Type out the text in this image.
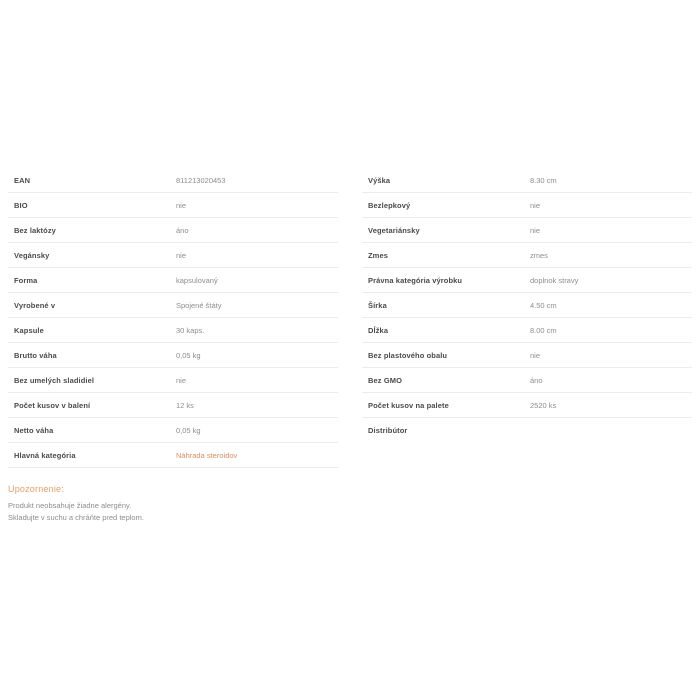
EAN	811213020453
BIO	nie
Bez laktózy	áno
Vegánsky	nie
Forma	kapsulovaný
Vyrobené v	Spojené štáty
Kapsule	30 kaps.
Brutto váha	0,05 kg
Bez umelých sladidiel	nie
Počet kusov v balení	12 ks
Netto váha	0,05 kg
Hlavná kategória	Náhrada steroidov
Výška	8.30 cm
Bezlepkový	nie
Vegetariánsky	nie
Zmes	zmes
Právna kategória výrobku	doplnok stravy
Šírka	4.50 cm
Dĺžka	8.00 cm
Bez plastového obalu	nie
Bez GMO	áno
Počet kusov na palete	2520 ks
Distribútor
Upozornenie:
Produkt neobsahuje žiadne alergény.
Skladujte v suchu a chráňte pred teplom.
